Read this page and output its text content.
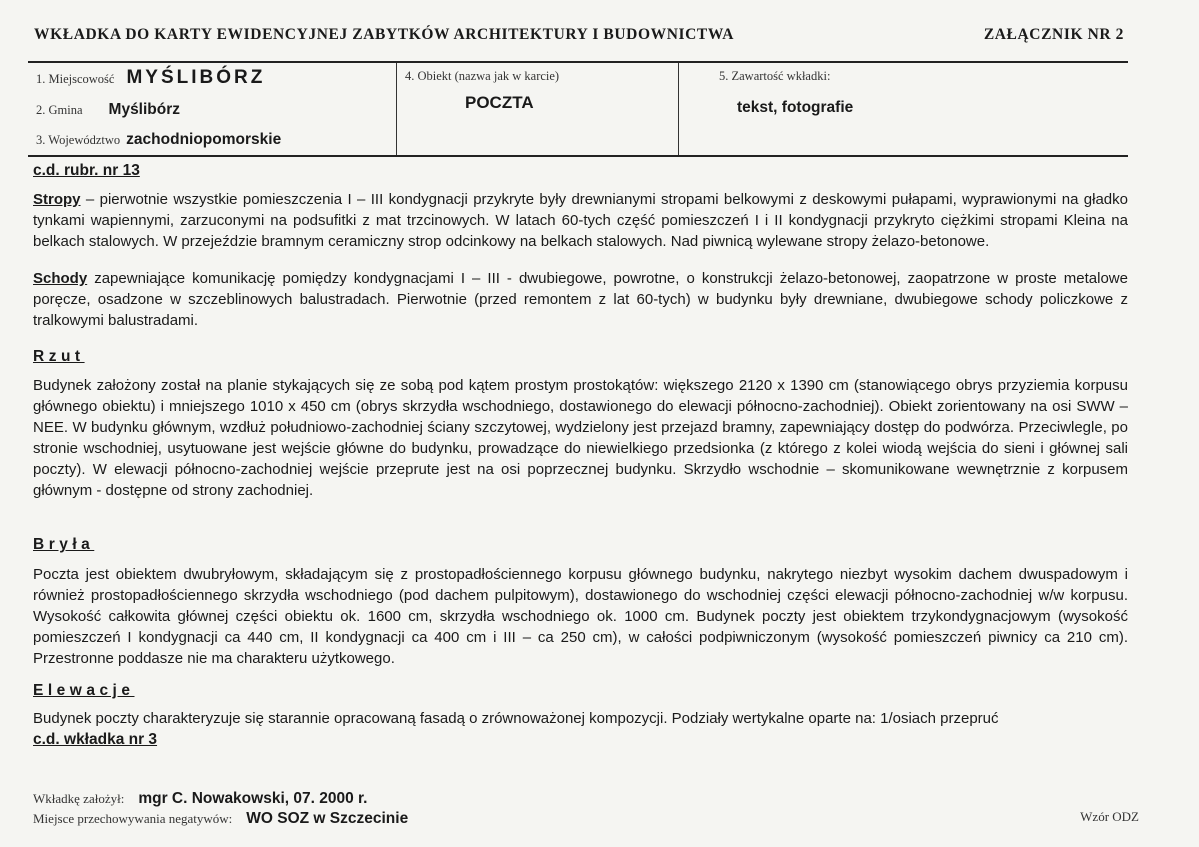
WKŁADKA DO KARTY EWIDENCYJNEJ ZABYTKÓW ARCHITEKTURY I BUDOWNICTWA	ZAŁĄCZNIK NR 2
1. Miejscowość MYŚLIBÓRZ
2. Gmina Myślibórz
3. Województwo zachodniopomorskie
4. Obiekt (nazwa jak w karcie)
POCZTA
5. Zawartość wkładki:
tekst, fotografie
c.d. rubr. nr 13
Stropy – pierwotnie wszystkie pomieszczenia I – III kondygnacji przykryte były drewnianymi stropami belkowymi z deskowymi pułapami, wyprawionymi na gładko tynkami wapiennymi, zarzuconymi na podsufitki z mat trzcinowych. W latach 60-tych część pomieszczeń I i II kondygnacji przykryto ciężkimi stropami Kleina na belkach stalowych. W przejeździe bramnym ceramiczny strop odcinkowy na belkach stalowych. Nad piwnicą wylewane stropy żelazo-betonowe.
Schody zapewniające komunikację pomiędzy kondygnacjami I – III - dwubiegowe, powrotne, o konstrukcji żelazo-betonowej, zaopatrzone w proste metalowe poręcze, osadzone w szczeblinowych balustradach. Pierwotnie (przed remontem z lat 60-tych) w budynku były drewniane, dwubiegowe schody policzkowe z tralkowymi balustradami.
Rzut
Budynek założony został na planie stykających się ze sobą pod kątem prostym prostokątów: większego 2120 x 1390 cm (stanowiącego obrys przyziemia korpusu głównego obiektu) i mniejszego 1010 x 450 cm (obrys skrzydła wschodniego, dostawionego do elewacji północno-zachodniej). Obiekt zorientowany na osi SWW – NEE. W budynku głównym, wzdłuż południowo-zachodniej ściany szczytowej, wydzielony jest przejazd bramny, zapewniający dostęp do podwórza. Przeciwlegle, po stronie wschodniej, usytuowane jest wejście główne do budynku, prowadzące do niewielkiego przedsionka (z którego z kolei wiodą wejścia do sieni i głównej sali poczty). W elewacji północno-zachodniej wejście przeprute jest na osi poprzecznej budynku. Skrzydło wschodnie – skomunikowane wewnętrznie z korpusem głównym - dostępne od strony zachodniej.
Bryła
Poczta jest obiektem dwubryłowym, składającym się z prostopadłościennego korpusu głównego budynku, nakrytego niezbyt wysokim dachem dwuspadowym i również prostopadłościennego skrzydła wschodniego (pod dachem pulpitowym), dostawionego do wschodniej części elewacji północno-zachodniej w/w korpusu. Wysokość całkowita głównej części obiektu ok. 1600 cm, skrzydła wschodniego ok. 1000 cm. Budynek poczty jest obiektem trzykondygnacjowym (wysokość pomieszczeń I kondygnacji ca 440 cm, II kondygnacji ca 400 cm i III – ca 250 cm), w całości podpiwniczonym (wysokość pomieszczeń piwnicy ca 210 cm). Przestronne poddasze nie ma charakteru użytkowego.
Elewacje
Budynek poczty charakteryzuje się starannie opracowaną fasadą o zrównoważonej kompozycji. Podziały wertykalne oparte na: 1/osiach przepruć
c.d. wkładka nr 3
Wkładkę założył: mgr C. Nowakowski, 07. 2000 r.
Miejsce przechowywania negatywów: WO SOZ w Szczecinie	Wzór ODZ
